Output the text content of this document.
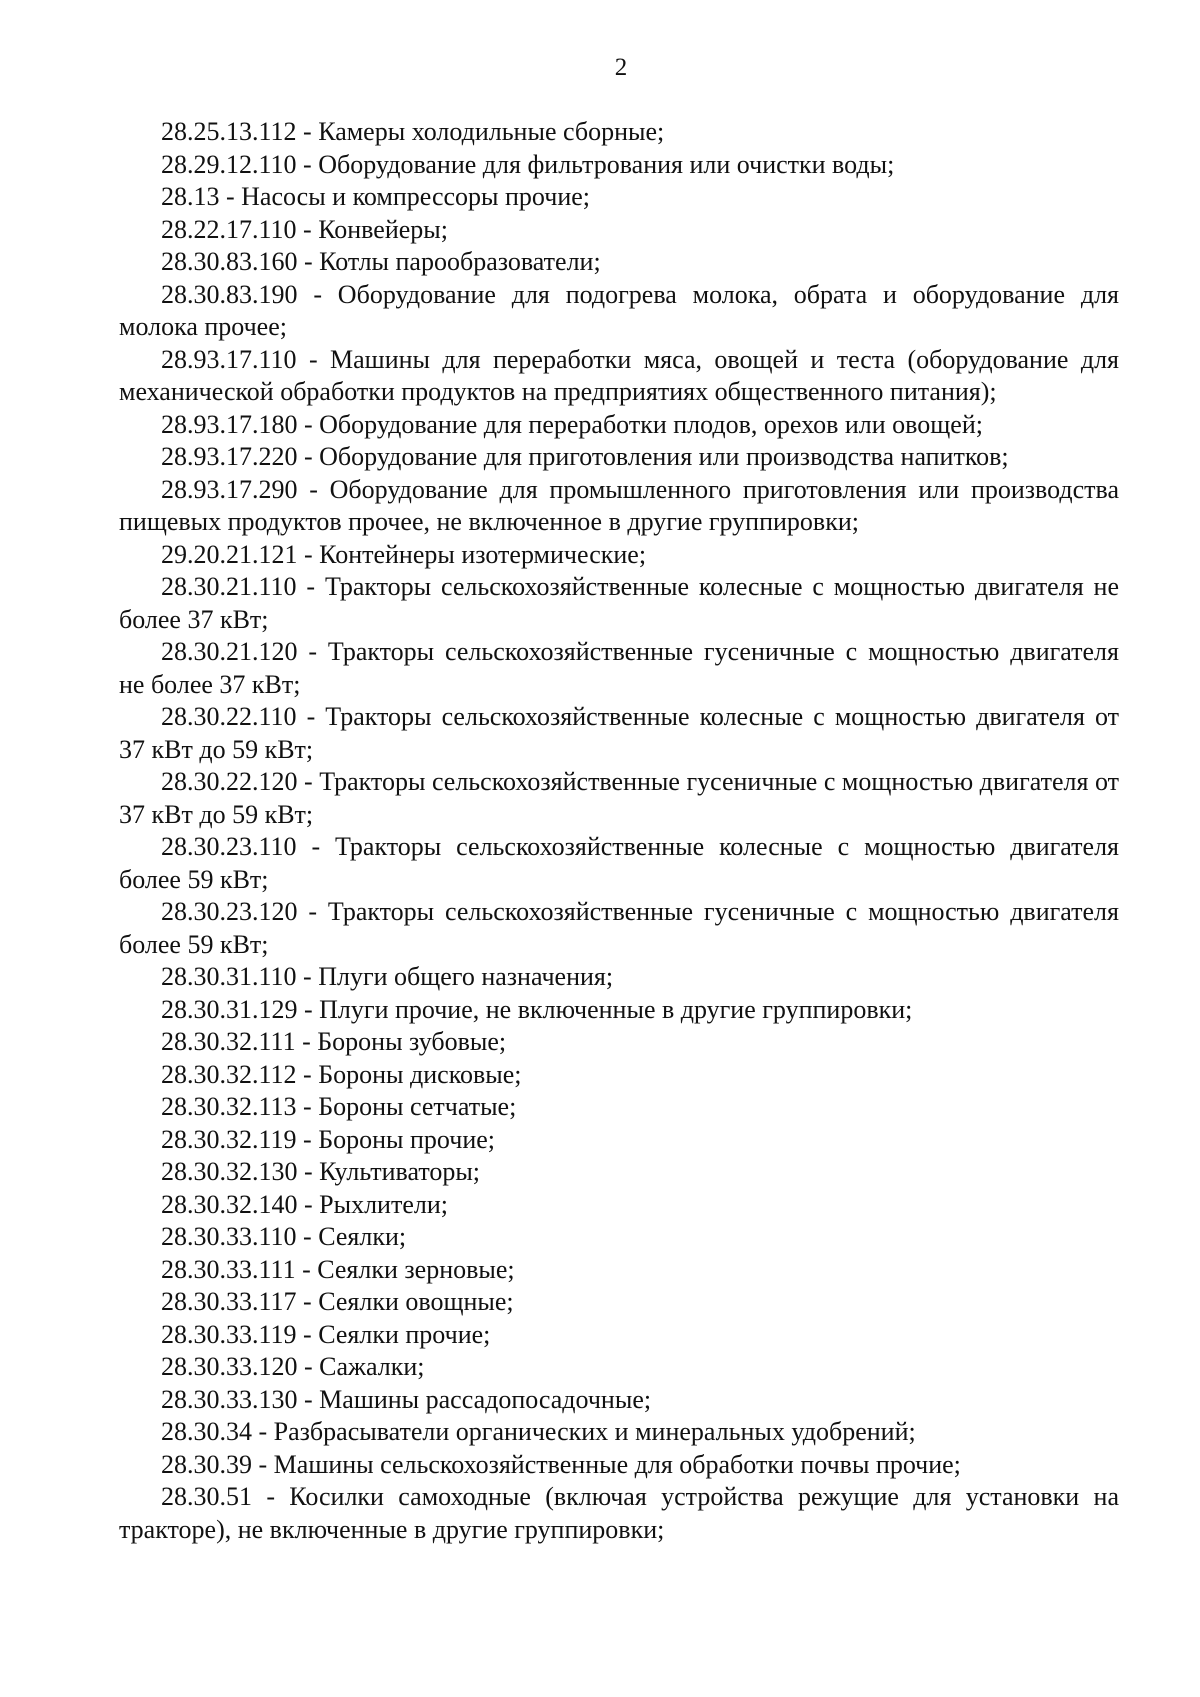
2

28.25.13.112 - Камеры холодильные сборные;

28.29.12.110 - Оборудование для фильтрования или очистки воды;

28.13 - Насосы и компрессоры прочие;

28.22.17.110 - Конвейеры;

28.30.83.160 - Котлы парообразователи;

28.30.83.190 - Оборудование для подогрева молока, обрата и оборудование для молока прочее;

28.93.17.110 - Машины для переработки мяса, овощей и теста (оборудование для механической обработки продуктов на предприятиях общественного питания);

28.93.17.180 - Оборудование для переработки плодов, орехов или овощей;

28.93.17.220 - Оборудование для приготовления или производства напитков;

28.93.17.290 - Оборудование для промышленного приготовления или производства пищевых продуктов прочее, не включенное в другие группировки;

29.20.21.121 - Контейнеры изотермические;

28.30.21.110 - Тракторы сельскохозяйственные колесные с мощностью двигателя не более 37 кВт;

28.30.21.120 - Тракторы сельскохозяйственные гусеничные с мощностью двигателя не более 37 кВт;

28.30.22.110 - Тракторы сельскохозяйственные колесные с мощностью двигателя от 37 кВт до 59 кВт;

28.30.22.120 - Тракторы сельскохозяйственные гусеничные с мощностью двигателя от 37 кВт до 59 кВт;

28.30.23.110 - Тракторы сельскохозяйственные колесные с мощностью двигателя более 59 кВт;

28.30.23.120 - Тракторы сельскохозяйственные гусеничные с мощностью двигателя более 59 кВт;

28.30.31.110 - Плуги общего назначения;

28.30.31.129 - Плуги прочие, не включенные в другие группировки;

28.30.32.111 - Бороны зубовые;

28.30.32.112 - Бороны дисковые;

28.30.32.113 - Бороны сетчатые;

28.30.32.119 - Бороны прочие;

28.30.32.130 - Культиваторы;

28.30.32.140 - Рыхлители;

28.30.33.110 - Сеялки;

28.30.33.111 - Сеялки зерновые;

28.30.33.117 - Сеялки овощные;

28.30.33.119 - Сеялки прочие;

28.30.33.120 - Сажалки;

28.30.33.130 - Машины рассадопосадочные;

28.30.34 - Разбрасыватели органических и минеральных удобрений;

28.30.39 - Машины сельскохозяйственные для обработки почвы прочие;

28.30.51 - Косилки самоходные (включая устройства режущие для установки на тракторе), не включенные в другие группировки;
